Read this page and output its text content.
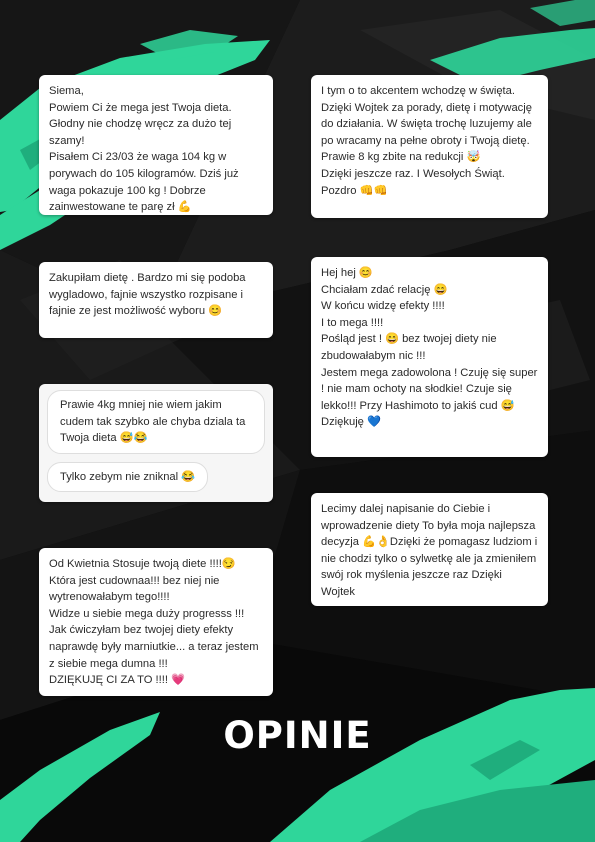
Siema,
Powiem Ci że mega jest Twoja dieta. Głodny nie chodzę wręcz za dużo tej szamy!
Pisałem Ci 23/03 że waga 104 kg w porywach do 105 kilogramów. Dziś już waga pokazuje 100 kg ! Dobrze zainwestowane te parę zł 💪

I tym o to akcentem wchodzę w święta. Dzięki Wojtek za porady, dietę i motywację do działania. W święta trochę luzujemy ale po wracamy na pełne obroty i Twoją dietę. Prawie 8 kg zbite na redukcji 🤯
Dzięki jeszcze raz. I Wesołych Świąt. Pozdro 👊👊

Zakupiłam dietę . Bardzo mi się podoba wygladowo, fajnie wszystko rozpisane i fajnie ze jest możliwość wyboru 😊

Hej hej 😊
Chciałam zdać relację 😄
W końcu widzę efekty !!!!
I to mega !!!!
Pośląd jest ! 😄 bez twojej diety nie zbudowałabym nic !!!
Jestem mega zadowolona ! Czuję się super ! nie mam ochoty na słodkie! Czuje się lekko!!! Przy Hashimoto to jakiś cud 😅
Dziękuję 💙

Prawie 4kg mniej nie wiem jakim cudem tak szybko ale chyba dziala ta Twoja dieta 😅😂
Tylko zebym nie zniknal 😂

Lecimy dalej napisanie do Ciebie i wprowadzenie diety To była moja najlepsza decyzja 💪👌Dzięki że pomagasz ludziom i nie chodzi tylko o sylwetkę ale ja zmieniłem swój rok myślenia jeszcze raz Dzięki Wojtek

Od Kwietnia Stosuje twoją diete !!!!😏
Która jest cudownaa!!! bez niej nie wytrenowałabym tego!!!!
Widze u siebie mega duży progresss !!!
Jak ćwiczyłam bez twojej diety efekty naprawdę były marniutkie... a teraz jestem z siebie mega dumna !!!
DZIĘKUJĘ CI ZA TO !!!! 💗

OPINIE
